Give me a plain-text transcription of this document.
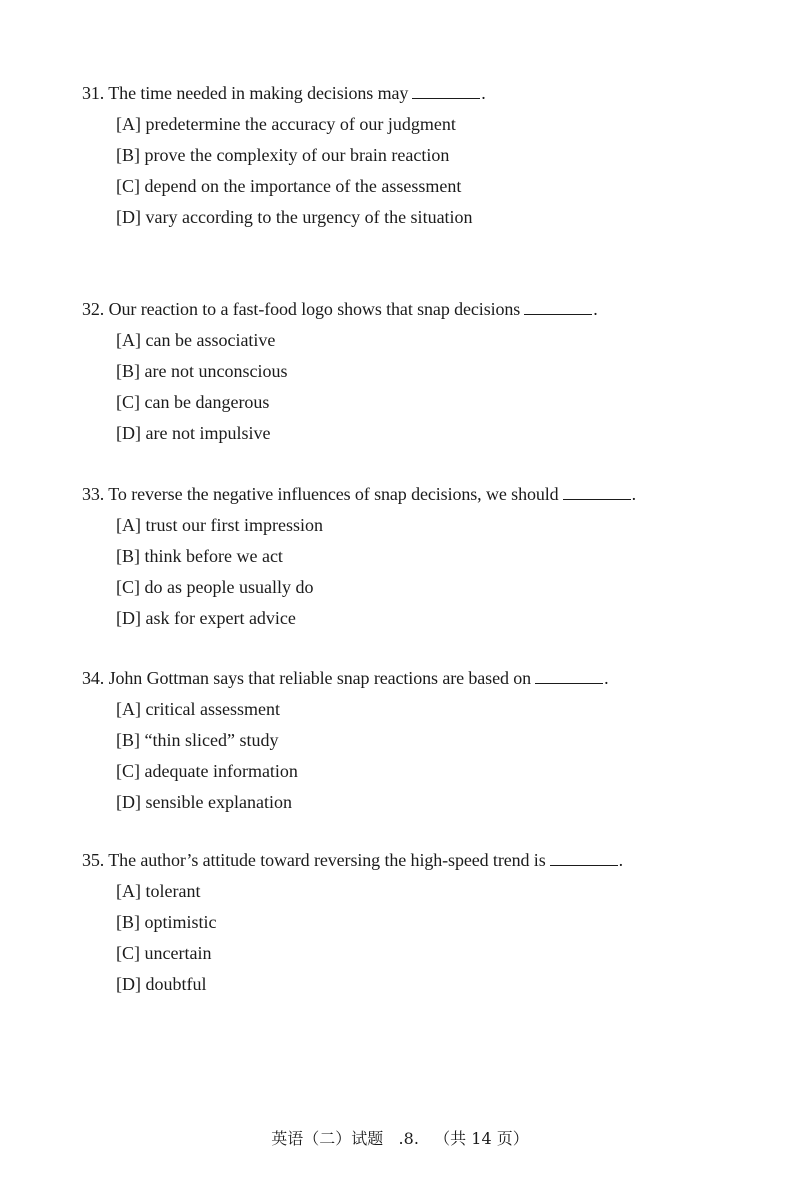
31. The time needed in making decisions may	.
[A] predetermine the accuracy of our judgment
[B] prove the complexity of our brain reaction
[C] depend on the importance of the assessment
[D] vary according to the urgency of the situation
32. Our reaction to a fast-food logo shows that snap decisions	.
[A] can be associative
[B] are not unconscious
[C] can be dangerous
[D] are not impulsive
33. To reverse the negative influences of snap decisions, we should	.
[A] trust our first impression
[B] think before we act
[C] do as people usually do
[D] ask for expert advice
34. John Gottman says that reliable snap reactions are based on	.
[A] critical assessment
[B] “thin sliced” study
[C] adequate information
[D] sensible explanation
35. The author’s attitude toward reversing the high-speed trend is	.
[A] tolerant
[B] optimistic
[C] uncertain
[D] doubtful
英语（二）试题 .8. （共 14 页）
